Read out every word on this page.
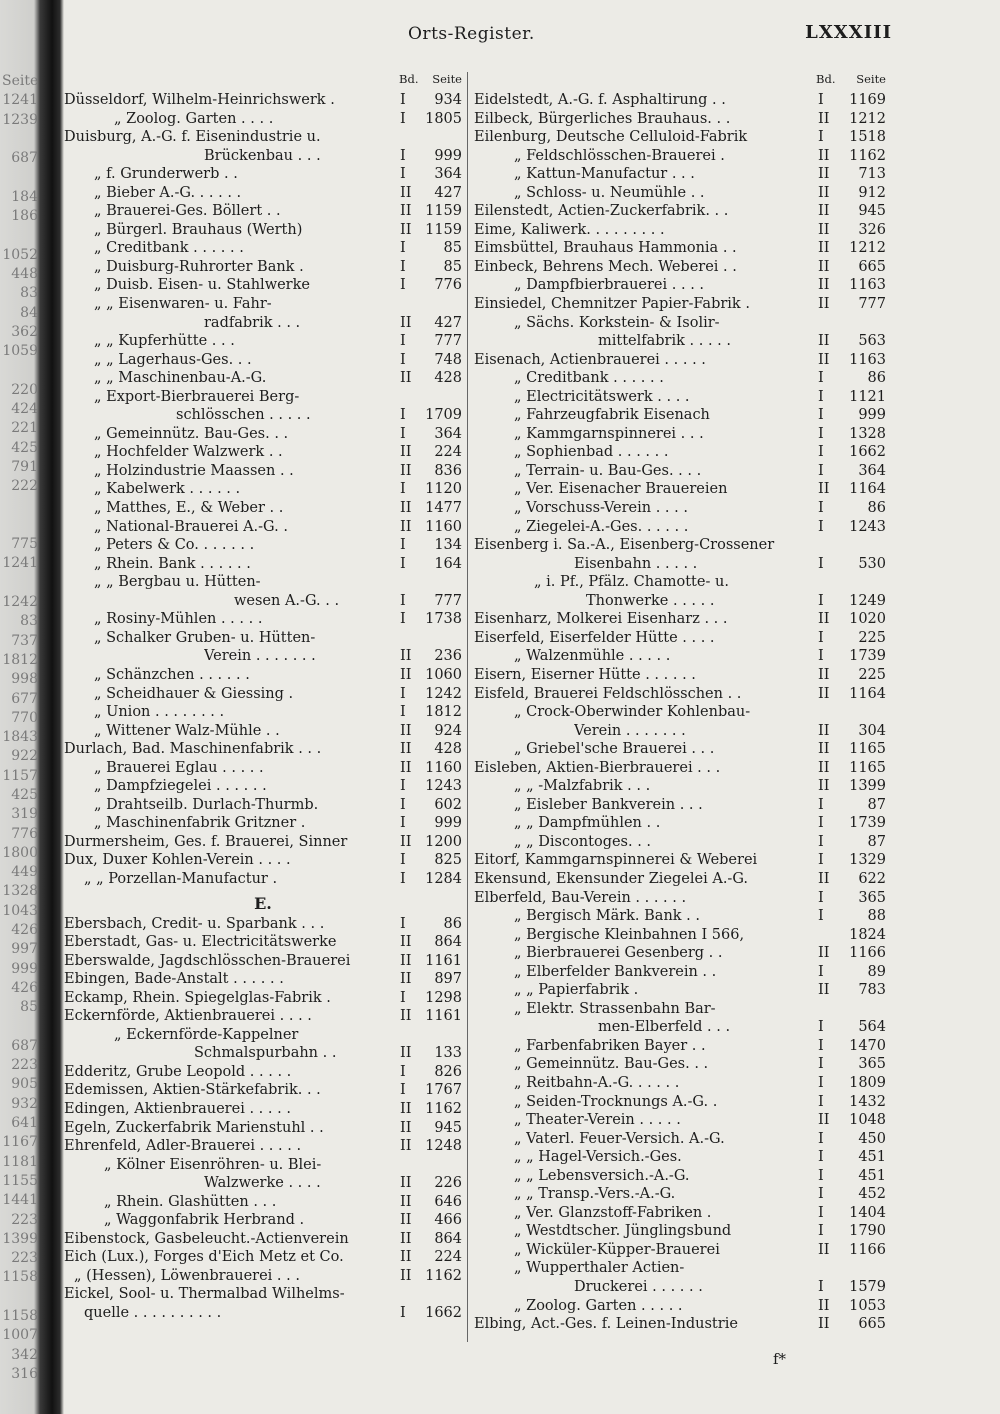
Seite
1241
1239
687
184
186
1052
448
83
84
362
1059
220
424
221
425
791
222
775
1241
1242
83
737
1812
998
677
770
1843
922
1157
425
319
776
1800
449
1328
1043
426
997
999
426
85
687
223
905
932
641
1167
1181
1155
1441
223
1399
223
1158
1158
1007
342
316
Orts-Register.	LXXXIII
Bd. Seite
Düsseldorf, Wilhelm-Heinrichswerk .	I 934
„ Zoolog. Garten . . . .	I 1805
Duisburg, A.-G. f. Eisenindustrie u.
Brückenbau . . .	I 999
„ f. Grunderwerb . .	I 364
„ Bieber A.-G. . . . . .	II 427
„ Brauerei-Ges. Böllert . .	II 1159
„ Bürgerl. Brauhaus (Werth)	II 1159
„ Creditbank . . . . . .	I	85
„ Duisburg-Ruhrorter Bank .	I	85
„ Duisb. Eisen- u. Stahlwerke	I 776
„ „ Eisenwaren- u. Fahr-
radfabrik . . .	II 427
„ „ Kupferhütte . . .	I 777
„ „ Lagerhaus-Ges. . .	I 748
„ „ Maschinenbau-A.-G.	II 428
„ Export-Bierbrauerei Berg-
schlösschen . . . . .	I 1709
„ Gemeinnütz. Bau-Ges. . .	I 364
„ Hochfelder Walzwerk . .	II 224
„ Holzindustrie Maassen . .	II 836
„ Kabelwerk . . . . . .	I 1120
„ Matthes, E., & Weber . .	II 1477
„ National-Brauerei A.-G. .	II 1160
„ Peters & Co. . . . . . .	I 134
„ Rhein. Bank . . . . . .	I 164
„ „ Bergbau u. Hütten-
wesen A.-G. . .	I 777
„ Rosiny-Mühlen . . . . .	I 1738
„ Schalker Gruben- u. Hütten-
Verein . . . . . . .	II 236
„ Schänzchen . . . . . .	II 1060
„ Scheidhauer & Giessing .	I 1242
„ Union . . . . . . . .	I 1812
„ Wittener Walz-Mühle . .	II 924
Durlach, Bad. Maschinenfabrik . . .	II 428
„ Brauerei Eglau . . . . .	II 1160
„ Dampfziegelei . . . . . .	I 1243
„ Drahtseilb. Durlach-Thurmb.	I 602
„ Maschinenfabrik Gritzner .	I 999
Durmersheim, Ges. f. Brauerei, Sinner	II 1200
Dux, Duxer Kohlen-Verein . . . .	I 825
„ „ Porzellan-Manufactur .	I 1284
E.
Ebersbach, Credit- u. Sparbank . . .	I	86
Eberstadt, Gas- u. Electricitätswerke	II 864
Eberswalde, Jagdschlösschen-Brauerei	II 1161
Ebingen, Bade-Anstalt . . . . . .	II 897
Eckamp, Rhein. Spiegelglas-Fabrik .	I 1298
Eckernförde, Aktienbrauerei . . . .	II 1161
„ Eckernförde-Kappelner
Schmalspurbahn . .	II 133
Edderitz, Grube Leopold . . . . .	I 826
Edemissen, Aktien-Stärkefabrik. . .	I 1767
Edingen, Aktienbrauerei . . . . .	II 1162
Egeln, Zuckerfabrik Marienstuhl . .	II 945
Ehrenfeld, Adler-Brauerei . . . . .	II 1248
„ Kölner Eisenröhren- u. Blei-
Walzwerke . . . .	II 226
„ Rhein. Glashütten . . .	II 646
„ Waggonfabrik Herbrand .	II 466
Eibenstock, Gasbeleucht.-Actienverein	II 864
Eich (Lux.), Forges d'Eich Metz et Co.	II 224
„ (Hessen), Löwenbrauerei . . .	II 1162
Eickel, Sool- u. Thermalbad Wilhelms-
quelle . . . . . . . . . .	I 1662
Bd. Seite
Eidelstedt, A.-G. f. Asphaltirung . .	I 1169
Eilbeck, Bürgerliches Brauhaus. . .	II 1212
Eilenburg, Deutsche Celluloid-Fabrik	I 1518
„ Feldschlösschen-Brauerei .	II 1162
„ Kattun-Manufactur . . .	II 713
„ Schloss- u. Neumühle . .	II 912
Eilenstedt, Actien-Zuckerfabrik. . .	II 945
Eime, Kaliwerk. . . . . . . . .	II 326
Eimsbüttel, Brauhaus Hammonia . .	II 1212
Einbeck, Behrens Mech. Weberei . .	II 665
„ Dampfbierbrauerei . . . .	II 1163
Einsiedel, Chemnitzer Papier-Fabrik .	II 777
„ Sächs. Korkstein- & Isolir-
mittelfabrik . . . . .	II 563
Eisenach, Actienbrauerei . . . . .	II 1163
„ Creditbank . . . . . .	I	86
„ Electricitätswerk . . . .	I 1121
„ Fahrzeugfabrik Eisenach	I 999
„ Kammgarnspinnerei . . .	I 1328
„ Sophienbad . . . . . .	I 1662
„ Terrain- u. Bau-Ges. . . .	I 364
„ Ver. Eisenacher Brauereien	II 1164
„ Vorschuss-Verein . . . .	I	86
„ Ziegelei-A.-Ges. . . . . .	I 1243
Eisenberg i. Sa.-A., Eisenberg-Crossener
Eisenbahn . . . . .	I 530
„ i. Pf., Pfälz. Chamotte- u.
Thonwerke . . . . .	I 1249
Eisenharz, Molkerei Eisenharz . . .	II 1020
Eiserfeld, Eiserfelder Hütte . . . .	I 225
„ Walzenmühle . . . . .	I 1739
Eisern, Eiserner Hütte . . . . . .	II 225
Eisfeld, Brauerei Feldschlösschen . .	II 1164
„ Crock-Oberwinder Kohlenbau-
Verein . . . . . . .	II 304
„ Griebel'sche Brauerei . . .	II 1165
Eisleben, Aktien-Bierbrauerei . . .	II 1165
„ „ -Malzfabrik . . .	II 1399
„ Eisleber Bankverein . . .	I	87
„ „ Dampfmühlen . .	I 1739
„ „ Discontoges. . .	I	87
Eitorf, Kammgarnspinnerei & Weberei	I 1329
Ekensund, Ekensunder Ziegelei A.-G.	II 622
Elberfeld, Bau-Verein . . . . . .	I 365
„ Bergisch Märk. Bank . .	I	88
„ Bergische Kleinbahnen I 566,	1824
„ Bierbrauerei Gesenberg . .	II 1166
„ Elberfelder Bankverein . .	I	89
„ „ Papierfabrik .	II 783
„ Elektr. Strassenbahn Bar-
men-Elberfeld . . .	I 564
„ Farbenfabriken Bayer . .	I 1470
„ Gemeinnütz. Bau-Ges. . .	I 365
„ Reitbahn-A.-G. . . . . .	I 1809
„ Seiden-Trocknungs A.-G. .	I 1432
„ Theater-Verein . . . . .	II 1048
„ Vaterl. Feuer-Versich. A.-G.	I 450
„ „ Hagel-Versich.-Ges.	I 451
„ „ Lebensversich.-A.-G.	I 451
„ „ Transp.-Vers.-A.-G.	I 452
„ Ver. Glanzstoff-Fabriken .	I 1404
„ Westdtscher. Jünglingsbund	I 1790
„ Wicküler-Küpper-Brauerei	II 1166
„ Wupperthaler Actien-
Druckerei . . . . . .	I 1579
„ Zoolog. Garten . . . . .	II 1053
Elbing, Act.-Ges. f. Leinen-Industrie	II 665
f*
